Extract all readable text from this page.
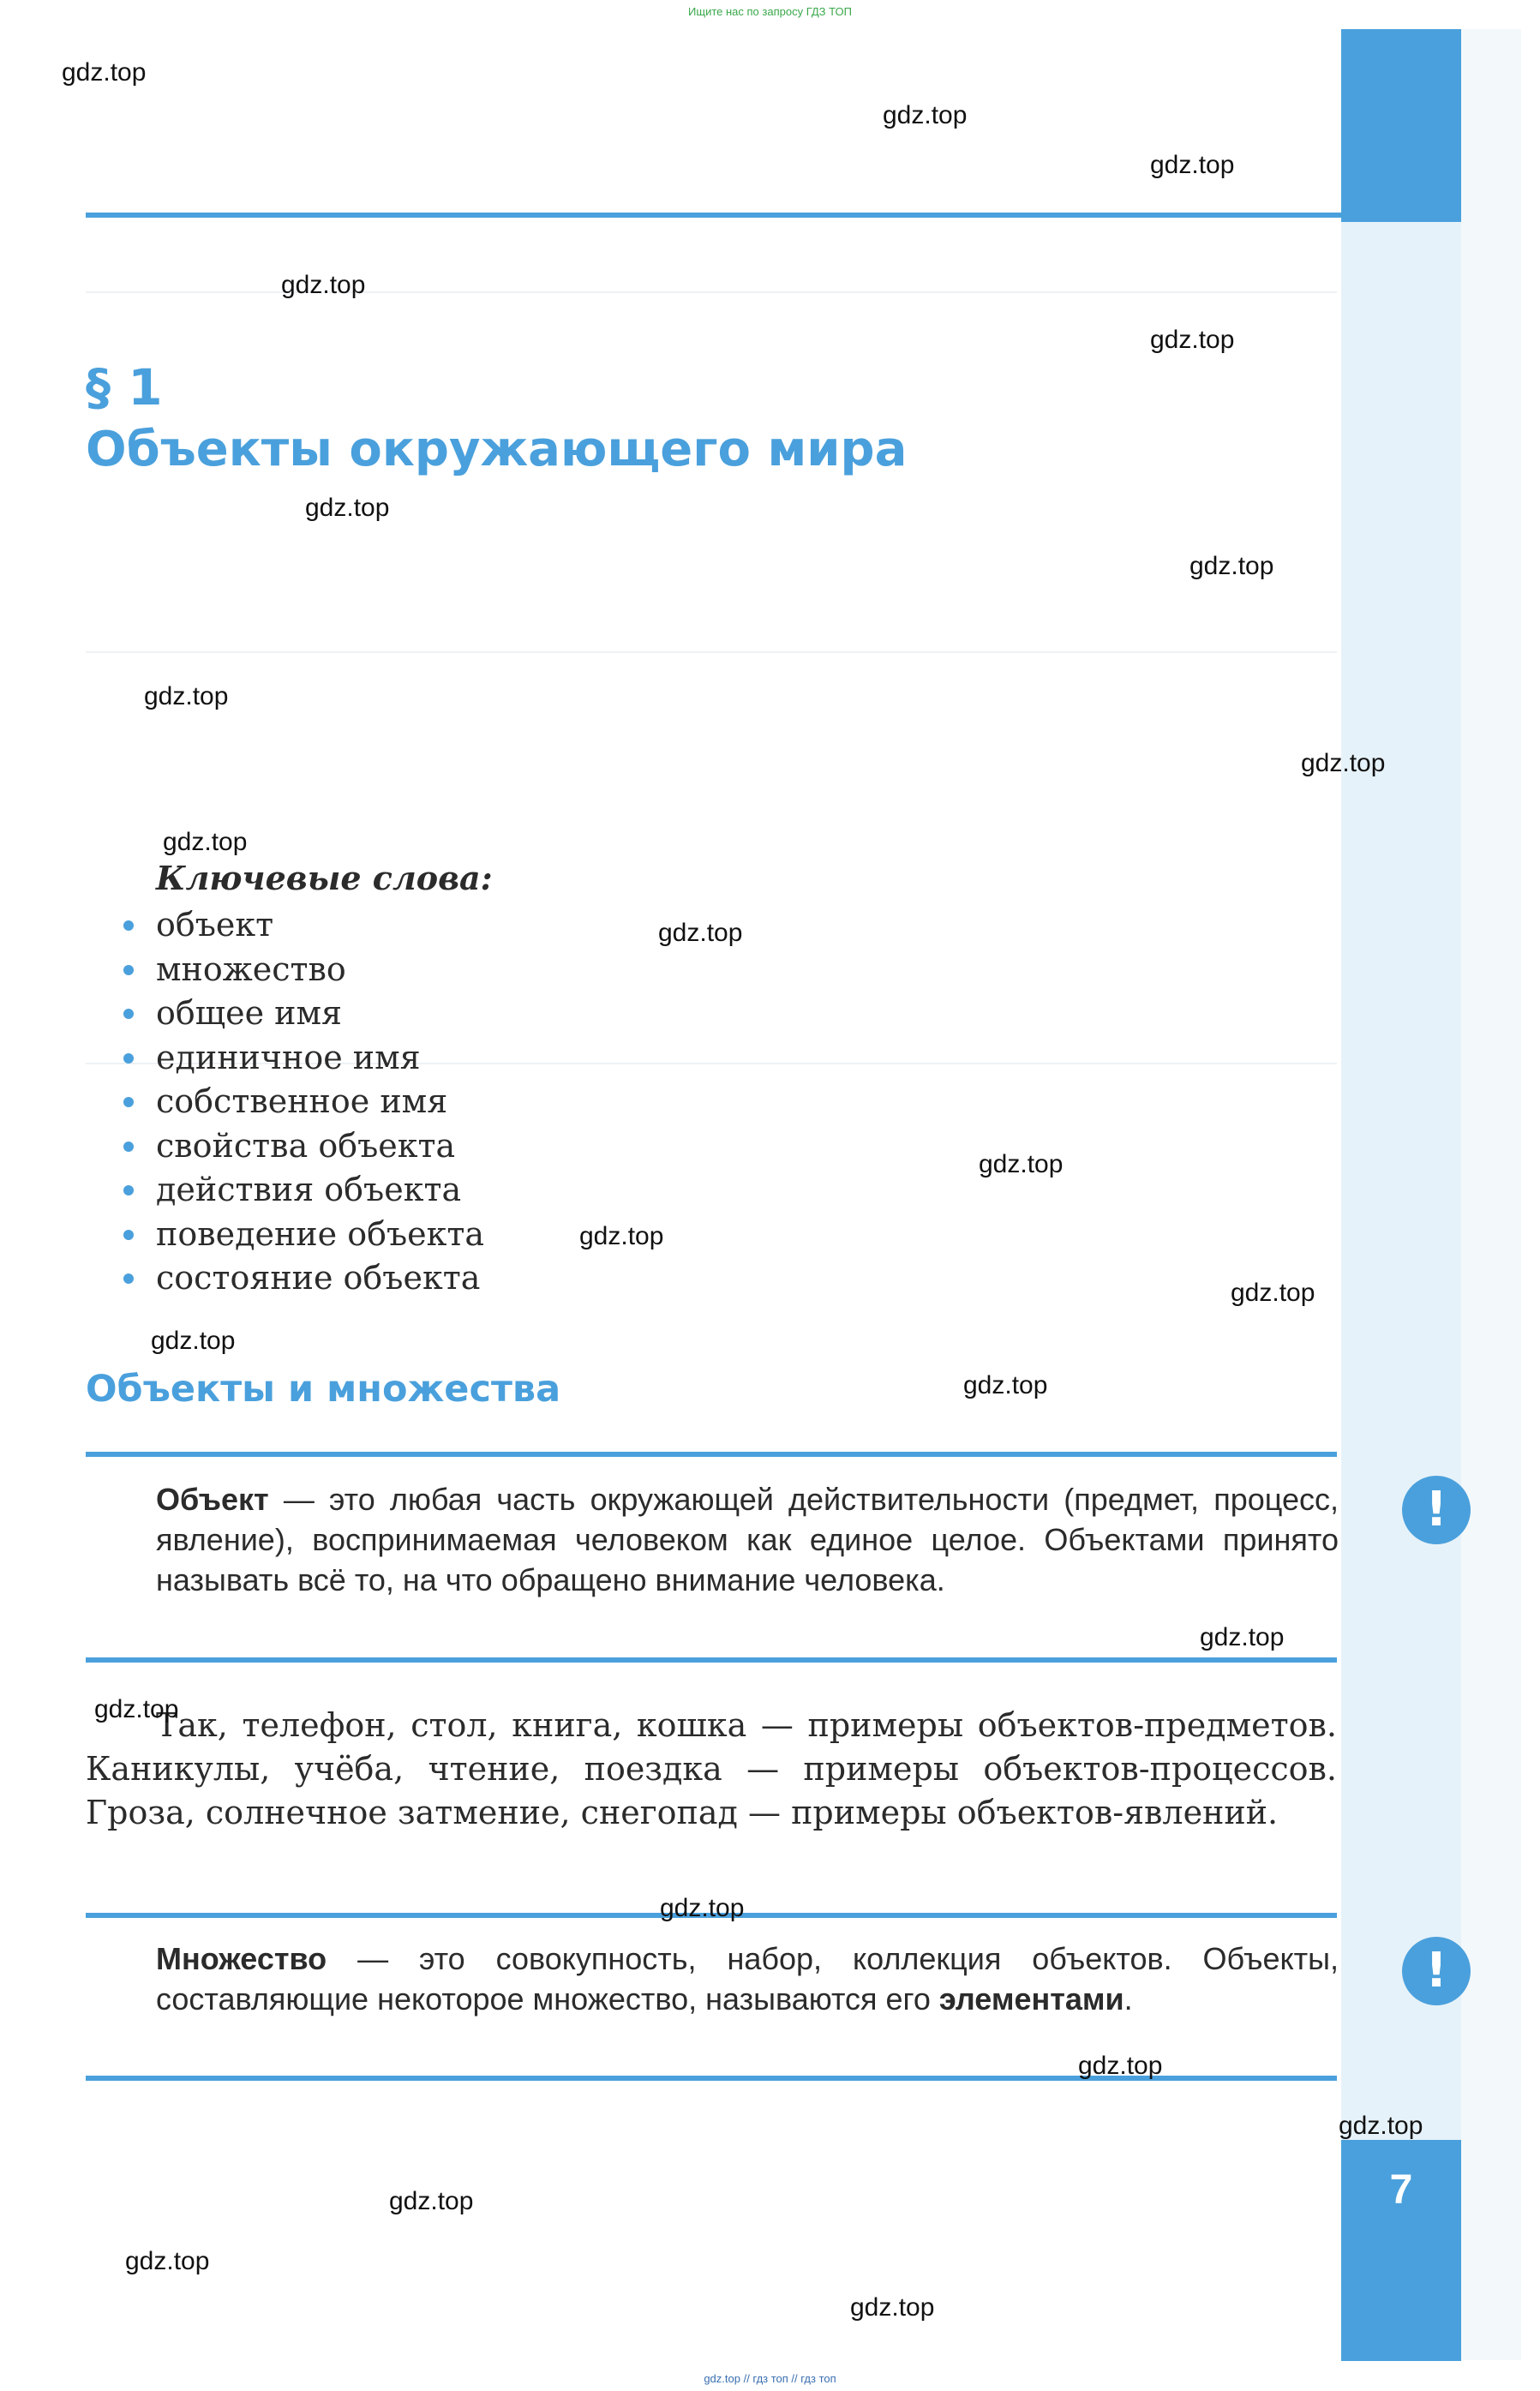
Ищите нас по запросу ГДЗ ТОП
7
§ 1
Объекты окружающего мира
Ключевые слова:
объект
множество
общее имя
единичное имя
собственное имя
свойства объекта
действия объекта
поведение объекта
состояние объекта
Объекты и множества
Объект — это любая часть окружающей действительности (предмет, процесс, явление), воспринимаемая человеком как единое целое. Объектами принято называть всё то, на что обращено внимание человека.
!
Так, телефон, стол, книга, кошка — примеры объектов-предметов. Каникулы, учёба, чтение, поездка — примеры объектов-процессов. Гроза, солнечное затмение, снегопад — примеры объектов-явлений.
Множество — это совокупность, набор, коллекция объектов. Объекты, составляющие некоторое множество, называются его элементами.
!
gdz.top
gdz.top
gdz.top
gdz.top
gdz.top
gdz.top
gdz.top
gdz.top
gdz.top
gdz.top
gdz.top
gdz.top
gdz.top
gdz.top
gdz.top
gdz.top
gdz.top
gdz.top
gdz.top
gdz.top
gdz.top
gdz.top
gdz.top
gdz.top
gdz.top // гдз топ // гдз топ
